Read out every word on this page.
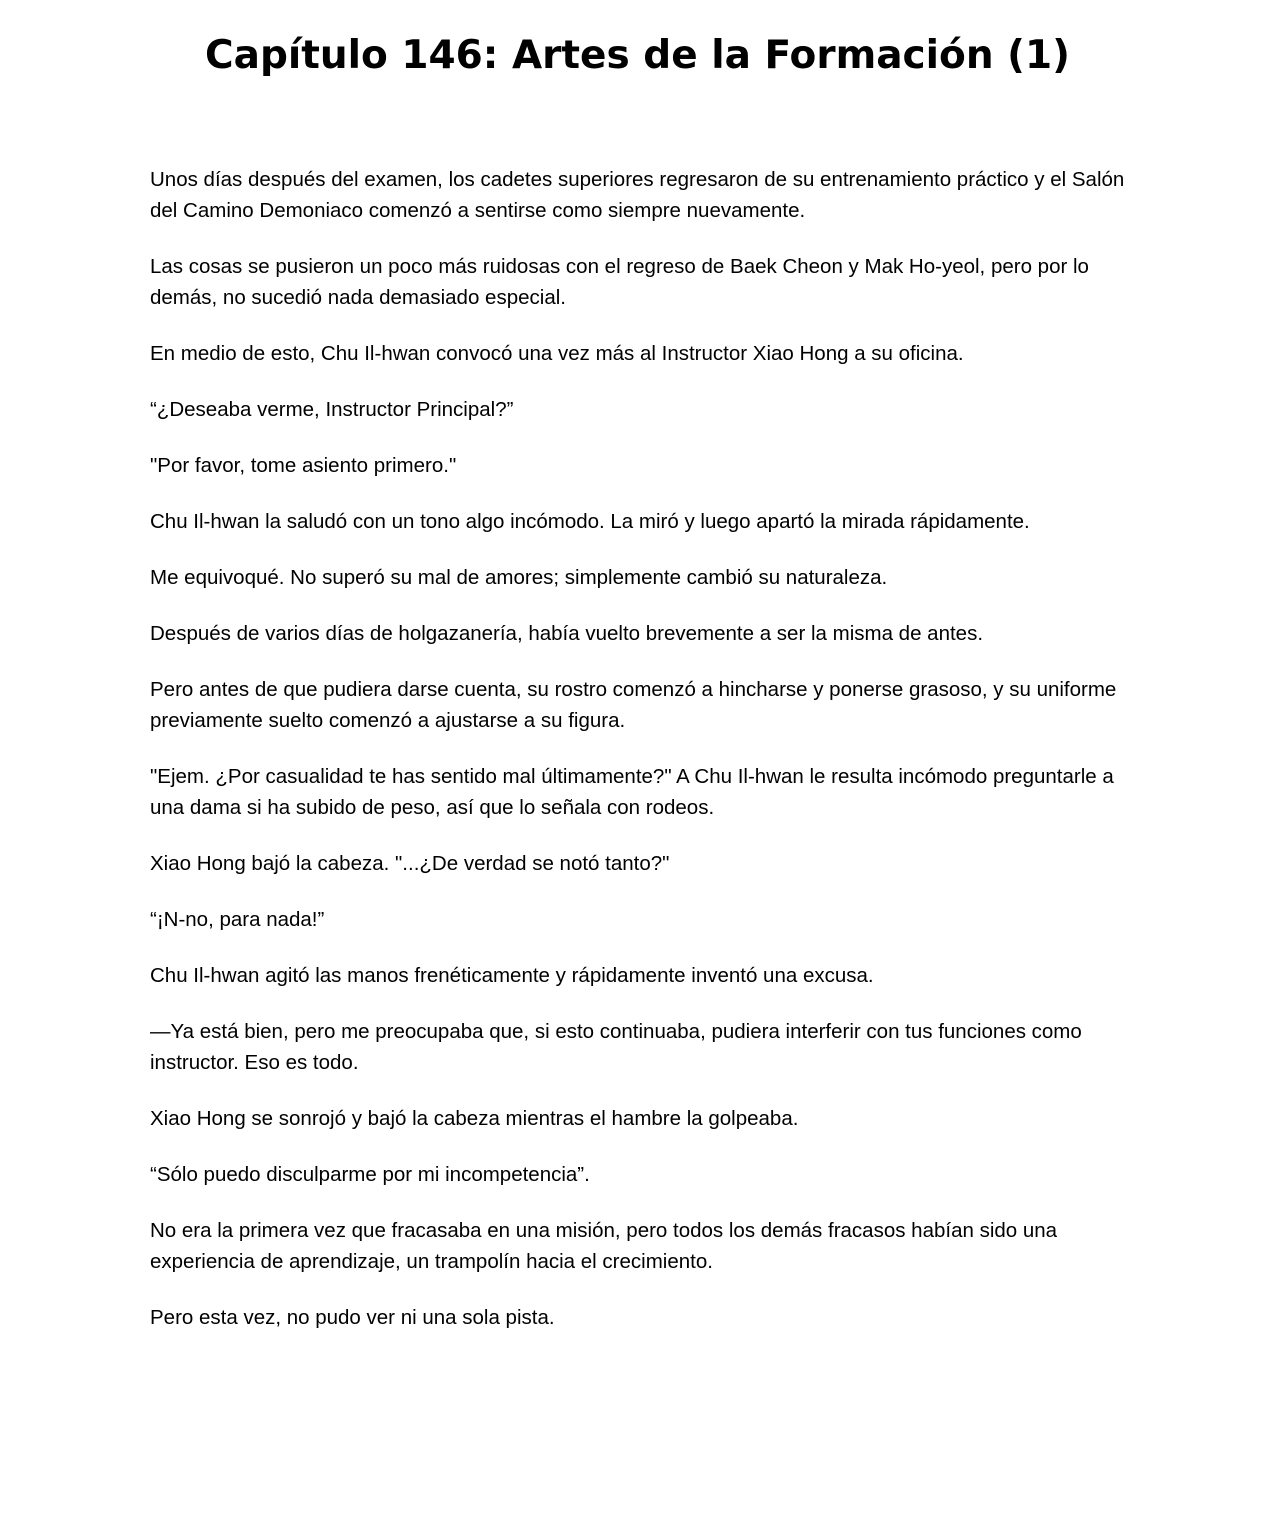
Capítulo 146: Artes de la Formación (1)

Unos días después del examen, los cadetes superiores regresaron de su entrenamiento práctico y el Salón del Camino Demoniaco comenzó a sentirse como siempre nuevamente.

Las cosas se pusieron un poco más ruidosas con el regreso de Baek Cheon y Mak Ho-yeol, pero por lo demás, no sucedió nada demasiado especial.

En medio de esto, Chu Il-hwan convocó una vez más al Instructor Xiao Hong a su oficina.

“¿Deseaba verme, Instructor Principal?”

"Por favor, tome asiento primero."

Chu Il-hwan la saludó con un tono algo incómodo. La miró y luego apartó la mirada rápidamente.

Me equivoqué. No superó su mal de amores; simplemente cambió su naturaleza.

Después de varios días de holgazanería, había vuelto brevemente a ser la misma de antes.

Pero antes de que pudiera darse cuenta, su rostro comenzó a hincharse y ponerse grasoso, y su uniforme previamente suelto comenzó a ajustarse a su figura.

"Ejem. ¿Por casualidad te has sentido mal últimamente?" A Chu Il-hwan le resulta incómodo preguntarle a una dama si ha subido de peso, así que lo señala con rodeos.

Xiao Hong bajó la cabeza. "...¿De verdad se notó tanto?"

“¡N-no, para nada!”

Chu Il-hwan agitó las manos frenéticamente y rápidamente inventó una excusa.

—Ya está bien, pero me preocupaba que, si esto continuaba, pudiera interferir con tus funciones como instructor. Eso es todo.

Xiao Hong se sonrojó y bajó la cabeza mientras el hambre la golpeaba.

“Sólo puedo disculparme por mi incompetencia”.

No era la primera vez que fracasaba en una misión, pero todos los demás fracasos habían sido una experiencia de aprendizaje, un trampolín hacia el crecimiento.

Pero esta vez, no pudo ver ni una sola pista.
